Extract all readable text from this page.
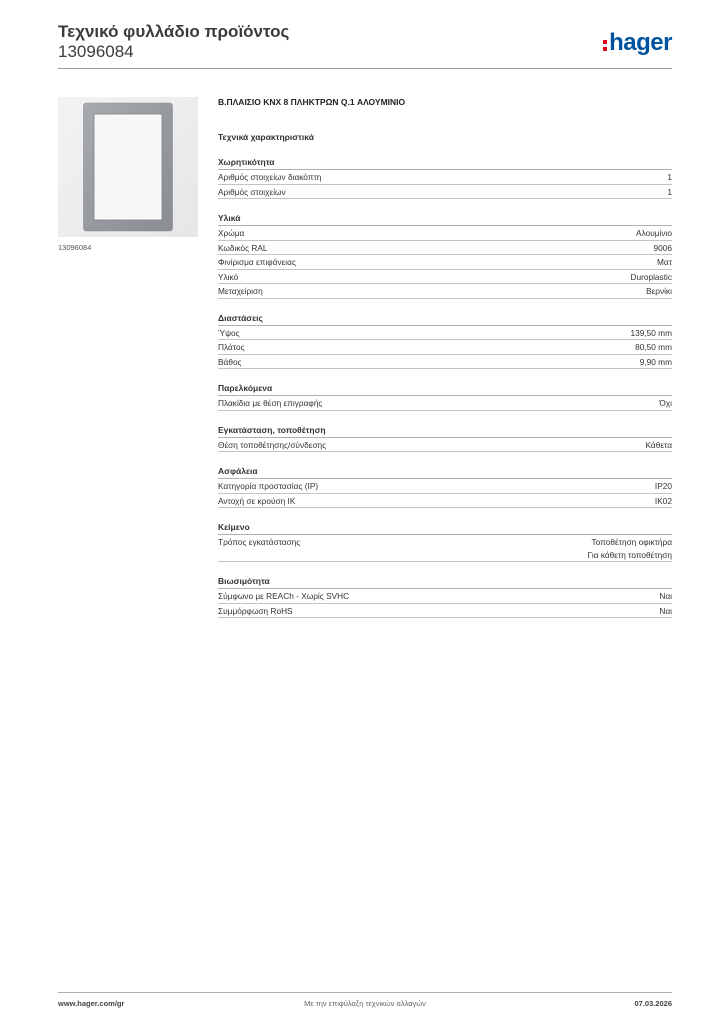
Τεχνικό φυλλάδιο προϊόντος
13096084	hager
13096084
Β.ΠΛΑΙΣΙΟ KNX 8 ΠΛΗΚΤΡΩΝ Q.1 ΑΛΟΥΜΙΝΙΟ
Τεχνικά χαρακτηριστικά
Χωρητικότητα
Αριθμός στοιχείων διακόπτη	1
Αριθμός στοιχείων	1
Υλικά
Χρώμα	Αλουμίνιο
Κωδικός RAL	9006
Φινίρισμα επιφάνειας	Ματ
Υλικό	Duroplastic
Μεταχείριση	Βερνίκι
Διαστάσεις
Ύψος	139,50 mm
Πλάτος	80,50 mm
Βάθος	9,90 mm
Παρελκόμενα
Πλακίδια με θέση επιγραφής	Όχι
Εγκατάσταση, τοποθέτηση
Θέση τοποθέτησης/σύνδεσης	Κάθετα
Ασφάλεια
Κατηγορία προστασίας (IP)	IP20
Αντοχή σε κρούση IK	IK02
Κείμενο
Τρόπος εγκατάστασης	Τοποθέτηση οφικτήρα
Για κάθετη τοποθέτηση
Βιωσιμότητα
Σύμφωνο με REACh - Χωρίς SVHC	Ναι
Συμμόρφωση RoHS	Ναι
Με την επιφύλαξη τεχνικών αλλαγών
www.hager.com/gr	07.03.2026
